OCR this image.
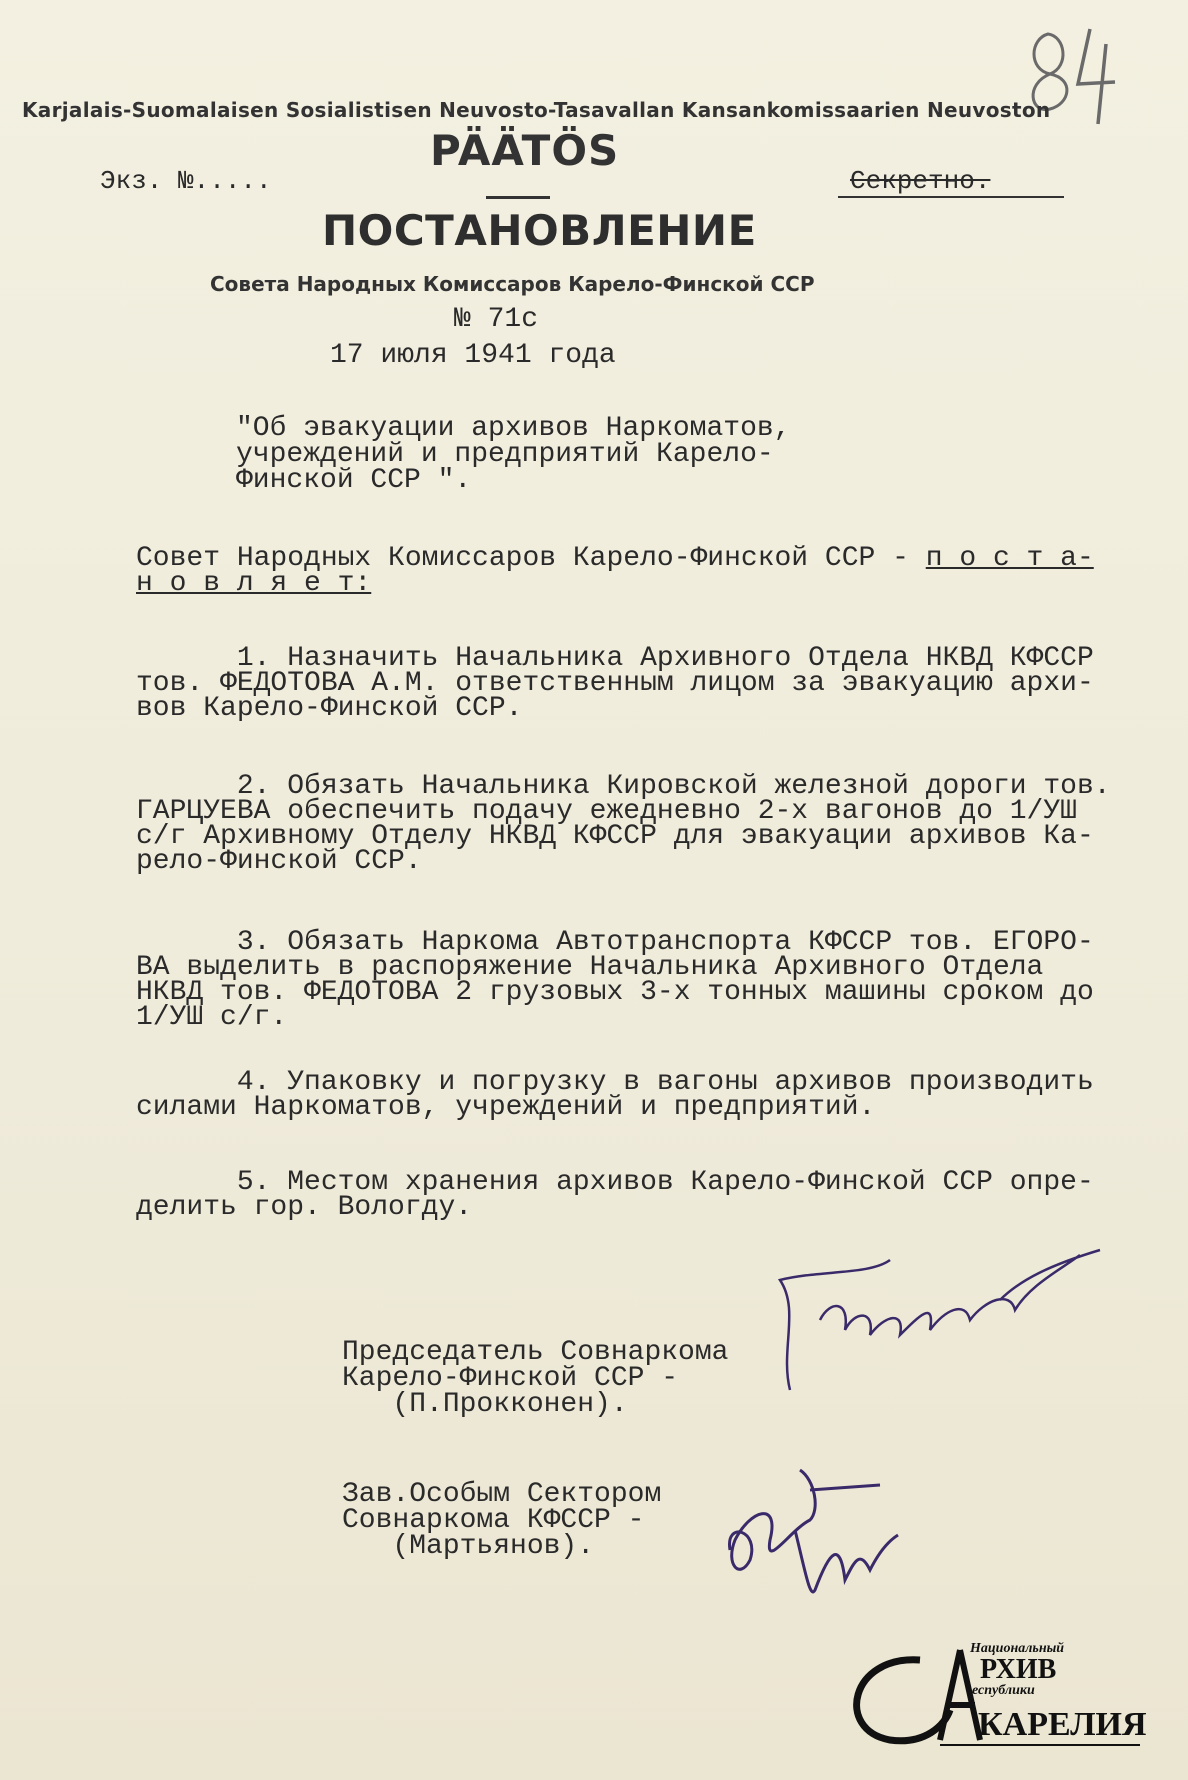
Karjalais-Suomalaisen Sosialistisen Neuvosto-Tasavallan Kansankomissaarien Neuvoston
PÄÄTÖS
Экз. №.....	Секретно.
ПОСТАНОВЛЕНИЕ
Совета Народных Комиссаров Карело-Финской ССР
№ 71с
17 июля 1941 года
"Об эвакуации архивов Наркоматов,
учреждений и предприятий Карело-
Финской ССР ".
Совет Народных Комиссаров Карело-Финской ССР - п о с т а-
н о в л я е т:
1. Назначить Начальника Архивного Отдела НКВД КФССР
тов. ФЕДОТОВА А.М. ответственным лицом за эвакуацию архи-
вов Карело-Финской ССР.
2. Обязать Начальника Кировской железной дороги тов.
ГАРЦУЕВА обеспечить подачу ежедневно 2-х вагонов до 1/УШ
с/г Архивному Отделу НКВД КФССР для эвакуации архивов Ка-
рело-Финской ССР.
3. Обязать Наркома Автотранспорта КФССР тов. ЕГОРО-
ВА выделить в распоряжение Начальника Архивного Отдела
НКВД тов. ФЕДОТОВА 2 грузовых 3-х тонных машины сроком до
1/УШ с/г.
4. Упаковку и погрузку в вагоны архивов производить
силами Наркоматов, учреждений и предприятий.
5. Местом хранения архивов Карело-Финской ССР опре-
делить гор. Вологду.
Председатель Совнаркома
Карело-Финской ССР -
(П.Прокконен).
Зав.Особым Сектором
Совнаркома КФССР -
(Мартьянов).
Национальный
РХИВ
еспублики
КАРЕЛИЯ
